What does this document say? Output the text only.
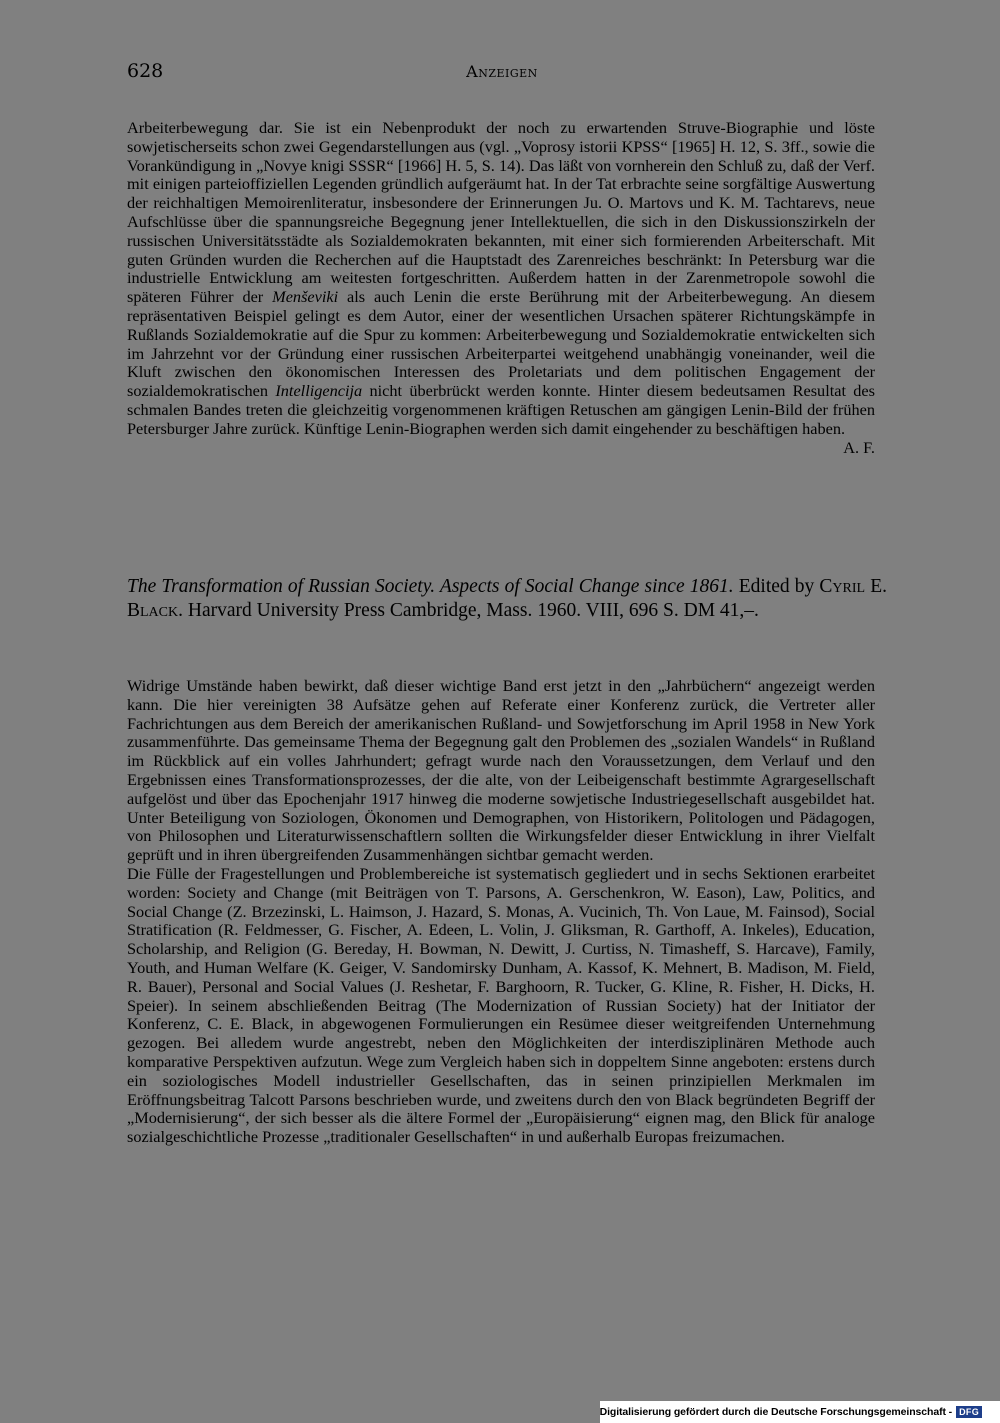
628	Anzeigen

Arbeiterbewegung dar. Sie ist ein Nebenprodukt der noch zu erwartenden Struve-Biographie und löste sowjetischerseits schon zwei Gegendarstellungen aus (vgl. „Voprosy istorii KPSS“ [1965] H. 12, S. 3ff., sowie die Vorankündigung in „Novye knigi SSSR“ [1966] H. 5, S. 14). Das läßt von vornherein den Schluß zu, daß der Verf. mit einigen parteioffiziellen Legenden gründlich aufgeräumt hat. In der Tat erbrachte seine sorgfältige Auswertung der reichhaltigen Memoirenliteratur, insbesondere der Erinnerungen Ju. O. Martovs und K. M. Tachtarevs, neue Aufschlüsse über die spannungsreiche Begegnung jener Intellektuellen, die sich in den Diskussionszirkeln der russischen Universitätsstädte als Sozialdemokraten bekannten, mit einer sich formierenden Arbeiterschaft. Mit guten Gründen wurden die Recherchen auf die Hauptstadt des Zarenreiches beschränkt: In Petersburg war die industrielle Entwicklung am weitesten fortgeschritten. Außerdem hatten in der Zarenmetropole sowohl die späteren Führer der Menševiki als auch Lenin die erste Berührung mit der Arbeiterbewegung. An diesem repräsentativen Beispiel gelingt es dem Autor, einer der wesentlichen Ursachen späterer Richtungskämpfe in Rußlands Sozialdemokratie auf die Spur zu kommen: Arbeiterbewegung und Sozialdemokratie entwickelten sich im Jahrzehnt vor der Gründung einer russischen Arbeiterpartei weitgehend unabhängig voneinander, weil die Kluft zwischen den ökonomischen Interessen des Proletariats und dem politischen Engagement der sozialdemokratischen Intelligencija nicht überbrückt werden konnte. Hinter diesem bedeutsamen Resultat des schmalen Bandes treten die gleichzeitig vorgenommenen kräftigen Retuschen am gängigen Lenin-Bild der frühen Petersburger Jahre zurück. Künftige Lenin-Biographen werden sich damit eingehender zu beschäftigen haben.

A. F.

The Transformation of Russian Society. Aspects of Social Change since 1861. Edited by Cyril E. Black. Harvard University Press Cambridge, Mass. 1960. VIII, 696 S. DM 41,–.

Widrige Umstände haben bewirkt, daß dieser wichtige Band erst jetzt in den „Jahrbüchern“ angezeigt werden kann. Die hier vereinigten 38 Aufsätze gehen auf Referate einer Konferenz zurück, die Vertreter aller Fachrichtungen aus dem Bereich der amerikanischen Rußland- und Sowjetforschung im April 1958 in New York zusammenführte. Das gemeinsame Thema der Begegnung galt den Problemen des „sozialen Wandels“ in Rußland im Rückblick auf ein volles Jahrhundert; gefragt wurde nach den Voraussetzungen, dem Verlauf und den Ergebnissen eines Transformationsprozesses, der die alte, von der Leibeigenschaft bestimmte Agrargesellschaft aufgelöst und über das Epochenjahr 1917 hinweg die moderne sowjetische Industriegesellschaft ausgebildet hat. Unter Beteiligung von Soziologen, Ökonomen und Demographen, von Historikern, Politologen und Pädagogen, von Philosophen und Literaturwissenschaftlern sollten die Wirkungsfelder dieser Entwicklung in ihrer Vielfalt geprüft und in ihren übergreifenden Zusammenhängen sichtbar gemacht werden.

Die Fülle der Fragestellungen und Problembereiche ist systematisch gegliedert und in sechs Sektionen erarbeitet worden: Society and Change (mit Beiträgen von T. Parsons, A. Gerschenkron, W. Eason), Law, Politics, and Social Change (Z. Brzezinski, L. Haimson, J. Hazard, S. Monas, A. Vucinich, Th. Von Laue, M. Fainsod), Social Stratification (R. Feldmesser, G. Fischer, A. Edeen, L. Volin, J. Gliksman, R. Garthoff, A. Inkeles), Education, Scholarship, and Religion (G. Bereday, H. Bowman, N. Dewitt, J. Curtiss, N. Timasheff, S. Harcave), Family, Youth, and Human Welfare (K. Geiger, V. Sandomirsky Dunham, A. Kassof, K. Mehnert, B. Madison, M. Field, R. Bauer), Personal and Social Values (J. Reshetar, F. Barghoorn, R. Tucker, G. Kline, R. Fisher, H. Dicks, H. Speier). In seinem abschließenden Beitrag (The Modernization of Russian Society) hat der Initiator der Konferenz, C. E. Black, in abgewogenen Formulierungen ein Resümee dieser weitgreifenden Unternehmung gezogen. Bei alledem wurde angestrebt, neben den Möglichkeiten der interdisziplinären Methode auch komparative Perspektiven aufzutun. Wege zum Vergleich haben sich in doppeltem Sinne angeboten: erstens durch ein soziologisches Modell industrieller Gesellschaften, das in seinen prinzipiellen Merkmalen im Eröffnungsbeitrag Talcott Parsons beschrieben wurde, und zweitens durch den von Black begründeten Begriff der „Modernisierung“, der sich besser als die ältere Formel der „Europäisierung“ eignen mag, den Blick für analoge sozialgeschichtliche Prozesse „traditionaler Gesellschaften“ in und außerhalb Europas freizumachen.

Digitalisierung gefördert durch die Deutsche Forschungsgemeinschaft - DFG
